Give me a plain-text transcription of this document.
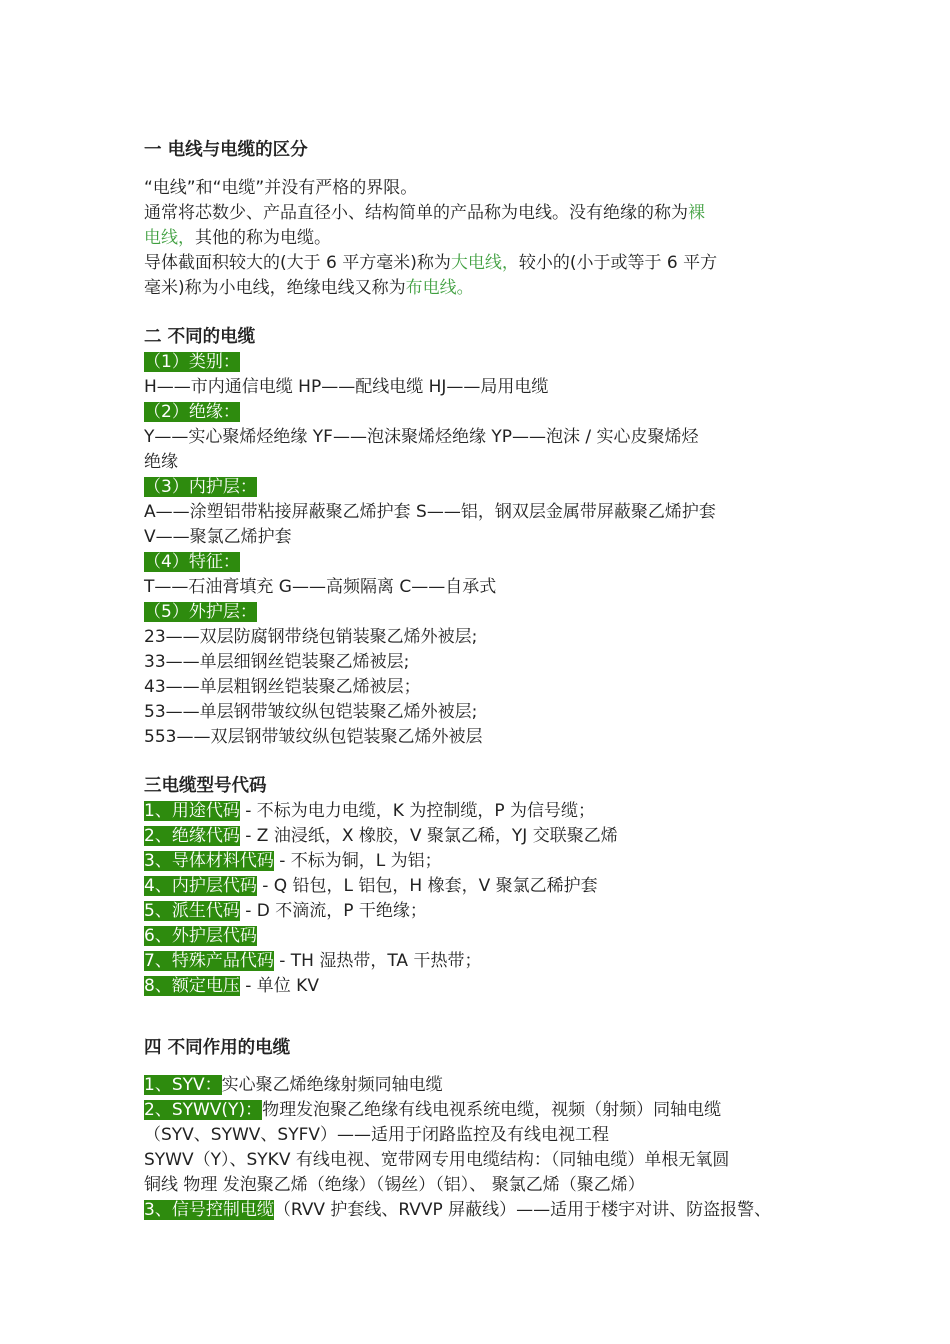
一 电线与电缆的区分
“电线”和“电缆”并没有严格的界限。
通常将芯数少、产品直径小、结构简单的产品称为电线。没有绝缘的称为裸
电线，其他的称为电缆。
导体截面积较大的(大于 6 平方毫米)称为大电线，较小的(小于或等于 6 平方
毫米)称为小电线，绝缘电线又称为布电线。
二 不同的电缆
（1）类别：
H——市内通信电缆 HP——配线电缆 HJ——局用电缆
（2）绝缘：
Y——实心聚烯烃绝缘 YF——泡沫聚烯烃绝缘 YP——泡沫 / 实心皮聚烯烃
绝缘
（3）内护层：
A——涂塑铝带粘接屏蔽聚乙烯护套 S——铝，钢双层金属带屏蔽聚乙烯护套
V——聚氯乙烯护套
（4）特征：
T——石油膏填充 G——高频隔离 C——自承式
（5）外护层：
23——双层防腐钢带绕包销装聚乙烯外被层;
33——单层细钢丝铠装聚乙烯被层;
43——单层粗钢丝铠装聚乙烯被层；
53——单层钢带皱纹纵包铠装聚乙烯外被层;
553——双层钢带皱纹纵包铠装聚乙烯外被层
三电缆型号代码
1、用途代码 - 不标为电力电缆，K 为控制缆，P 为信号缆；
2、绝缘代码 - Z 油浸纸，X 橡胶，V 聚氯乙稀，YJ 交联聚乙烯
3、导体材料代码 - 不标为铜，L 为铝；
4、内护层代码 - Q 铅包，L 铝包，H 橡套，V 聚氯乙稀护套
5、派生代码 - D 不滴流，P 干绝缘；
6、外护层代码
7、特殊产品代码 - TH 湿热带，TA 干热带；
8、额定电压 - 单位 KV
四 不同作用的电缆
1、SYV：实心聚乙烯绝缘射频同轴电缆
2、SYWV(Y)：物理发泡聚乙绝缘有线电视系统电缆，视频（射频）同轴电缆
（SYV、SYWV、SYFV）——适用于闭路监控及有线电视工程
SYWV（Y）、SYKV 有线电视、宽带网专用电缆结构：（同轴电缆）单根无氧圆
铜线 物理 发泡聚乙烯（绝缘）（锡丝）（铝）、 聚氯乙烯（聚乙烯）
3、信号控制电缆（RVV 护套线、RVVP 屏蔽线）——适用于楼宇对讲、防盗报警、
